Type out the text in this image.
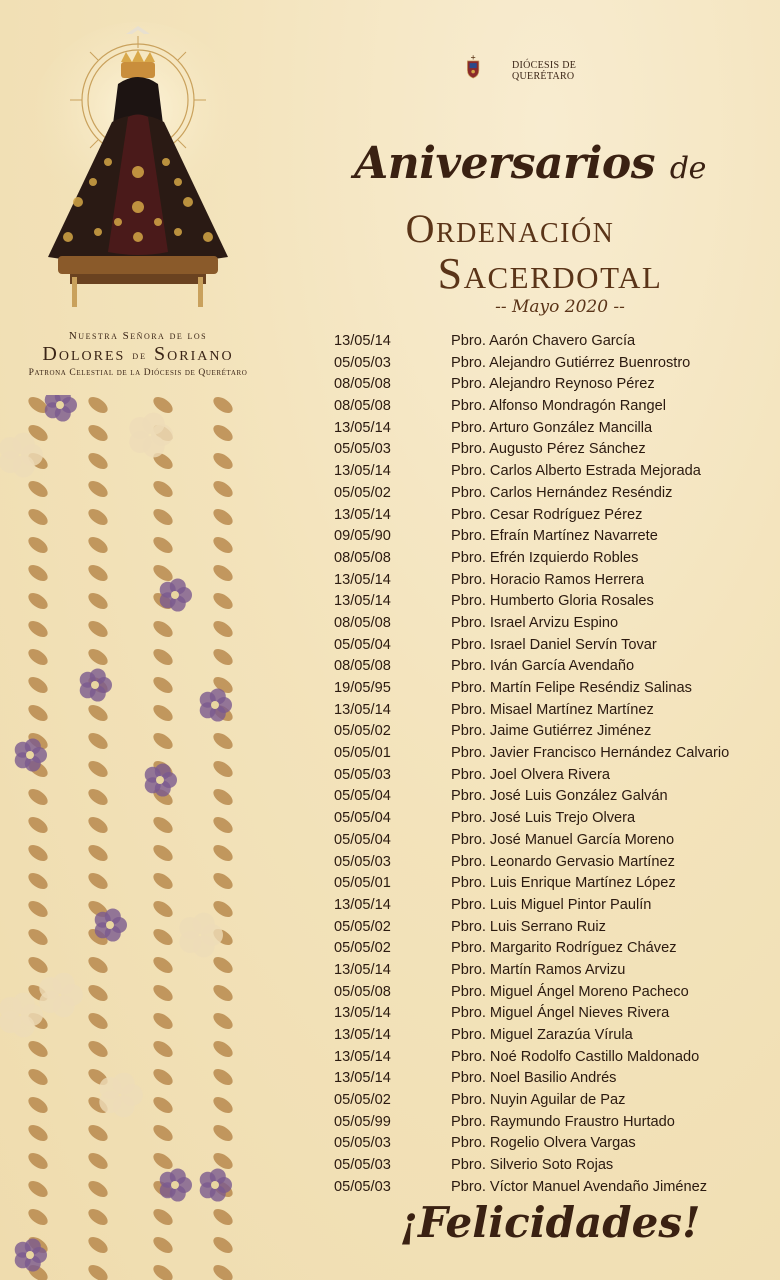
Nuestra Señora de los
Dolores de Soriano
Patrona Celestial de la Diócesis de Querétaro
DIÓCESIS DE
QUERÉTARO
Aniversarios de
Ordenación
Sacerdotal
-- Mayo 2020 --
13/05/14	Pbro. Aarón Chavero García
05/05/03	Pbro. Alejandro Gutiérrez Buenrostro
08/05/08	Pbro. Alejandro Reynoso Pérez
08/05/08	Pbro. Alfonso Mondragón Rangel
13/05/14	Pbro. Arturo González Mancilla
05/05/03	Pbro. Augusto Pérez Sánchez
13/05/14	Pbro. Carlos Alberto Estrada Mejorada
05/05/02	Pbro. Carlos Hernández Reséndiz
13/05/14	Pbro. Cesar Rodríguez Pérez
09/05/90	Pbro. Efraín Martínez Navarrete
08/05/08	Pbro. Efrén Izquierdo Robles
13/05/14	Pbro. Horacio Ramos Herrera
13/05/14	Pbro. Humberto Gloria Rosales
08/05/08	Pbro. Israel Arvizu Espino
05/05/04	Pbro. Israel Daniel Servín Tovar
08/05/08	Pbro. Iván García Avendaño
19/05/95	Pbro. Martín Felipe Reséndiz Salinas
13/05/14	Pbro. Misael Martínez Martínez
05/05/02	Pbro. Jaime Gutiérrez Jiménez
05/05/01	Pbro. Javier Francisco Hernández Calvario
05/05/03	Pbro. Joel Olvera Rivera
05/05/04	Pbro. José Luis González Galván
05/05/04	Pbro. José Luis Trejo Olvera
05/05/04	Pbro. José Manuel García Moreno
05/05/03	Pbro. Leonardo Gervasio Martínez
05/05/01	Pbro. Luis Enrique Martínez López
13/05/14	Pbro. Luis Miguel Pintor Paulín
05/05/02	Pbro. Luis Serrano Ruiz
05/05/02	Pbro. Margarito Rodríguez Chávez
13/05/14	Pbro. Martín Ramos Arvizu
05/05/08	Pbro. Miguel Ángel Moreno Pacheco
13/05/14	Pbro. Miguel Ángel Nieves Rivera
13/05/14	Pbro. Miguel Zarazúa Vírula
13/05/14	Pbro. Noé Rodolfo Castillo Maldonado
13/05/14	Pbro. Noel Basilio Andrés
05/05/02	Pbro. Nuyin Aguilar de Paz
05/05/99	Pbro. Raymundo Fraustro Hurtado
05/05/03	Pbro. Rogelio Olvera Vargas
05/05/03	Pbro. Silverio Soto Rojas
05/05/03	Pbro. Víctor Manuel Avendaño Jiménez
¡Felicidades!
